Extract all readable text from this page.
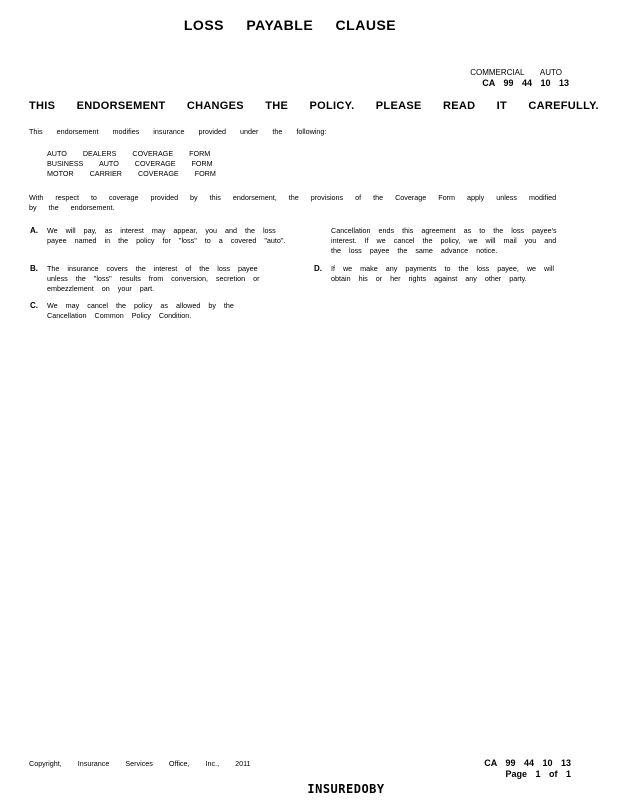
LOSS PAYABLE CLAUSE
COMMERCIAL AUTO
CA 99 44 10 13
THIS ENDORSEMENT CHANGES THE POLICY. PLEASE READ IT CAREFULLY.
This endorsement modifies insurance provided under the following:
AUTO DEALERS COVERAGE FORM
BUSINESS AUTO COVERAGE FORM
MOTOR CARRIER COVERAGE FORM
With respect to coverage provided by this endorsement, the provisions of the Coverage Form apply unless modified by the endorsement.
A. We will pay, as interest may appear, you and the loss payee named in the policy for "loss" to a covered "auto".
B. The insurance covers the interest of the loss payee unless the "loss" results from conversion, secretion or embezzlement on your part.
C. We may cancel the policy as allowed by the Cancellation Common Policy Condition.
Cancellation ends this agreement as to the loss payee's interest. If we cancel the policy, we will mail you and the loss payee the same advance notice.
D. If we make any payments to the loss payee, we will obtain his or her rights against any other party.
Copyright, Insurance Services Office, Inc., 2011	CA 99 44 10 13
Page 1 of 1
INSUREDOBY
